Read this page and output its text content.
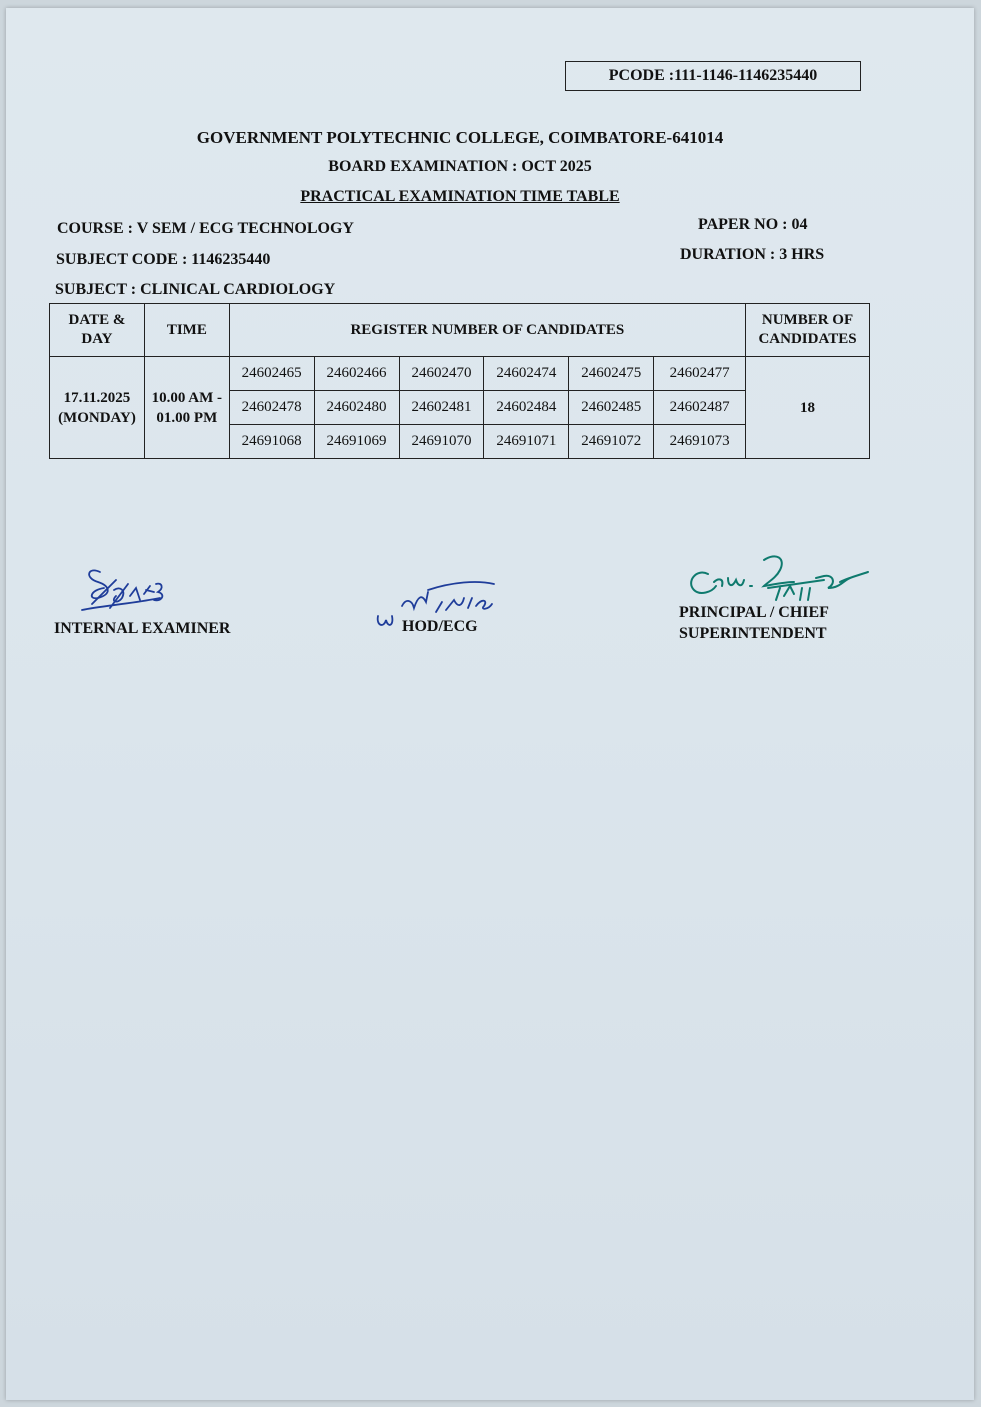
PCODE :111-1146-1146235440
GOVERNMENT POLYTECHNIC COLLEGE, COIMBATORE-641014
BOARD EXAMINATION : OCT 2025
PRACTICAL EXAMINATION TIME TABLE
COURSE : V SEM / ECG TECHNOLOGY
SUBJECT CODE : 1146235440
SUBJECT : CLINICAL CARDIOLOGY
PAPER NO : 04
DURATION : 3 HRS
DATE &
DAY	TIME	REGISTER NUMBER OF CANDIDATES						NUMBER OF
CANDIDATES
17.11.2025
(MONDAY)	10.00 AM -
01.00 PM	24602465	24602466	24602470	24602474	24602475	24602477	18
		24602478	24602480	24602481	24602484	24602485	24602487	
		24691068	24691069	24691070	24691071	24691072	24691073	
INTERNAL EXAMINER	HOD/ECG
PRINCIPAL / CHIEF
SUPERINTENDENT
